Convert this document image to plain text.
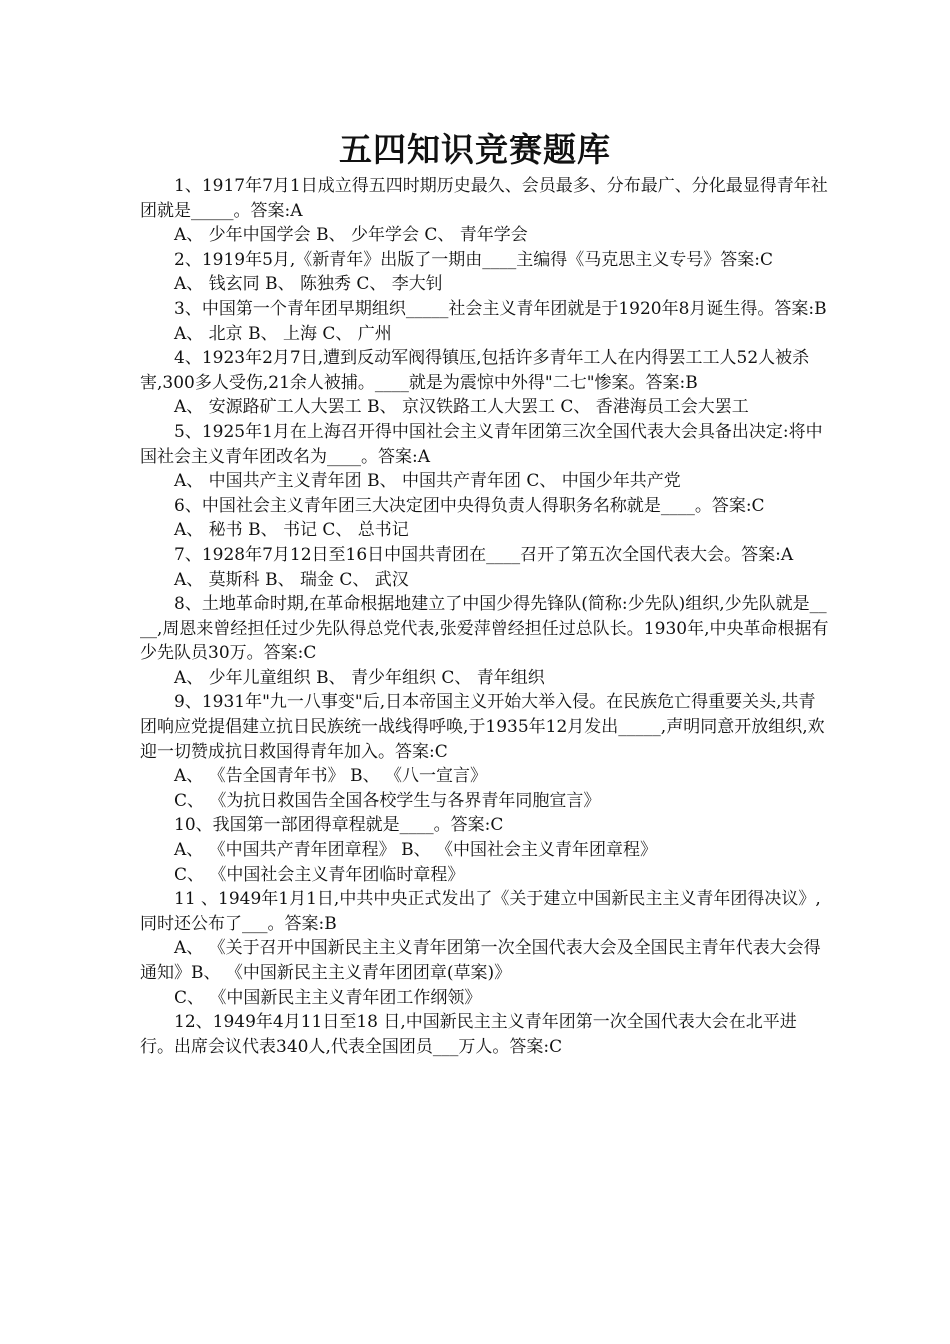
五四知识竞赛题库

1、1917年7月1日成立得五四时期历史最久、会员最多、分布最广、分化最显得青年社团就是_____。答案:A

A、 少年中国学会 B、 少年学会 C、 青年学会

2、1919年5月,《新青年》出版了一期由____主编得《马克思主义专号》答案:C

A、 钱玄同 B、 陈独秀 C、 李大钊

3、中国第一个青年团早期组织_____社会主义青年团就是于1920年8月诞生得。答案:B

A、 北京 B、 上海 C、 广州

4、1923年2月7日,遭到反动军阀得镇压,包括许多青年工人在内得罢工工人52人被杀害,300多人受伤,21余人被捕。____就是为震惊中外得"二七"惨案。答案:B

A、 安源路矿工人大罢工 B、 京汉铁路工人大罢工 C、 香港海员工会大罢工

5、1925年1月在上海召开得中国社会主义青年团第三次全国代表大会具备出决定:将中国社会主义青年团改名为____。答案:A

A、 中国共产主义青年团 B、 中国共产青年团 C、 中国少年共产党

6、中国社会主义青年团三大决定团中央得负责人得职务名称就是____。答案:C

A、 秘书 B、 书记 C、 总书记

7、1928年7月12日至16日中国共青团在____召开了第五次全国代表大会。答案:A

A、 莫斯科 B、 瑞金 C、 武汉

8、土地革命时期,在革命根据地建立了中国少得先锋队(简称:少先队)组织,少先队就是____,周恩来曾经担任过少先队得总党代表,张爱萍曾经担任过总队长。1930年,中央革命根据有少先队员30万。答案:C

A、 少年儿童组织 B、 青少年组织 C、 青年组织

9、1931年"九一八事变"后,日本帝国主义开始大举入侵。在民族危亡得重要关头,共青团响应党提倡建立抗日民族统一战线得呼唤,于1935年12月发出_____,声明同意开放组织,欢迎一切赞成抗日救国得青年加入。答案:C

A、 《告全国青年书》 B、 《八一宣言》

C、 《为抗日救国告全国各校学生与各界青年同胞宣言》

10、我国第一部团得章程就是____。答案:C

A、 《中国共产青年团章程》 B、 《中国社会主义青年团章程》

C、 《中国社会主义青年团临时章程》

11 、1949年1月1日,中共中央正式发出了《关于建立中国新民主主义青年团得决议》,同时还公布了___。答案:B

A、 《关于召开中国新民主主义青年团第一次全国代表大会及全国民主青年代表大会得通知》B、 《中国新民主主义青年团团章(草案)》

C、 《中国新民主主义青年团工作纲领》

12、1949年4月11日至18 日,中国新民主主义青年团第一次全国代表大会在北平进行。出席会议代表340人,代表全国团员___万人。答案:C
